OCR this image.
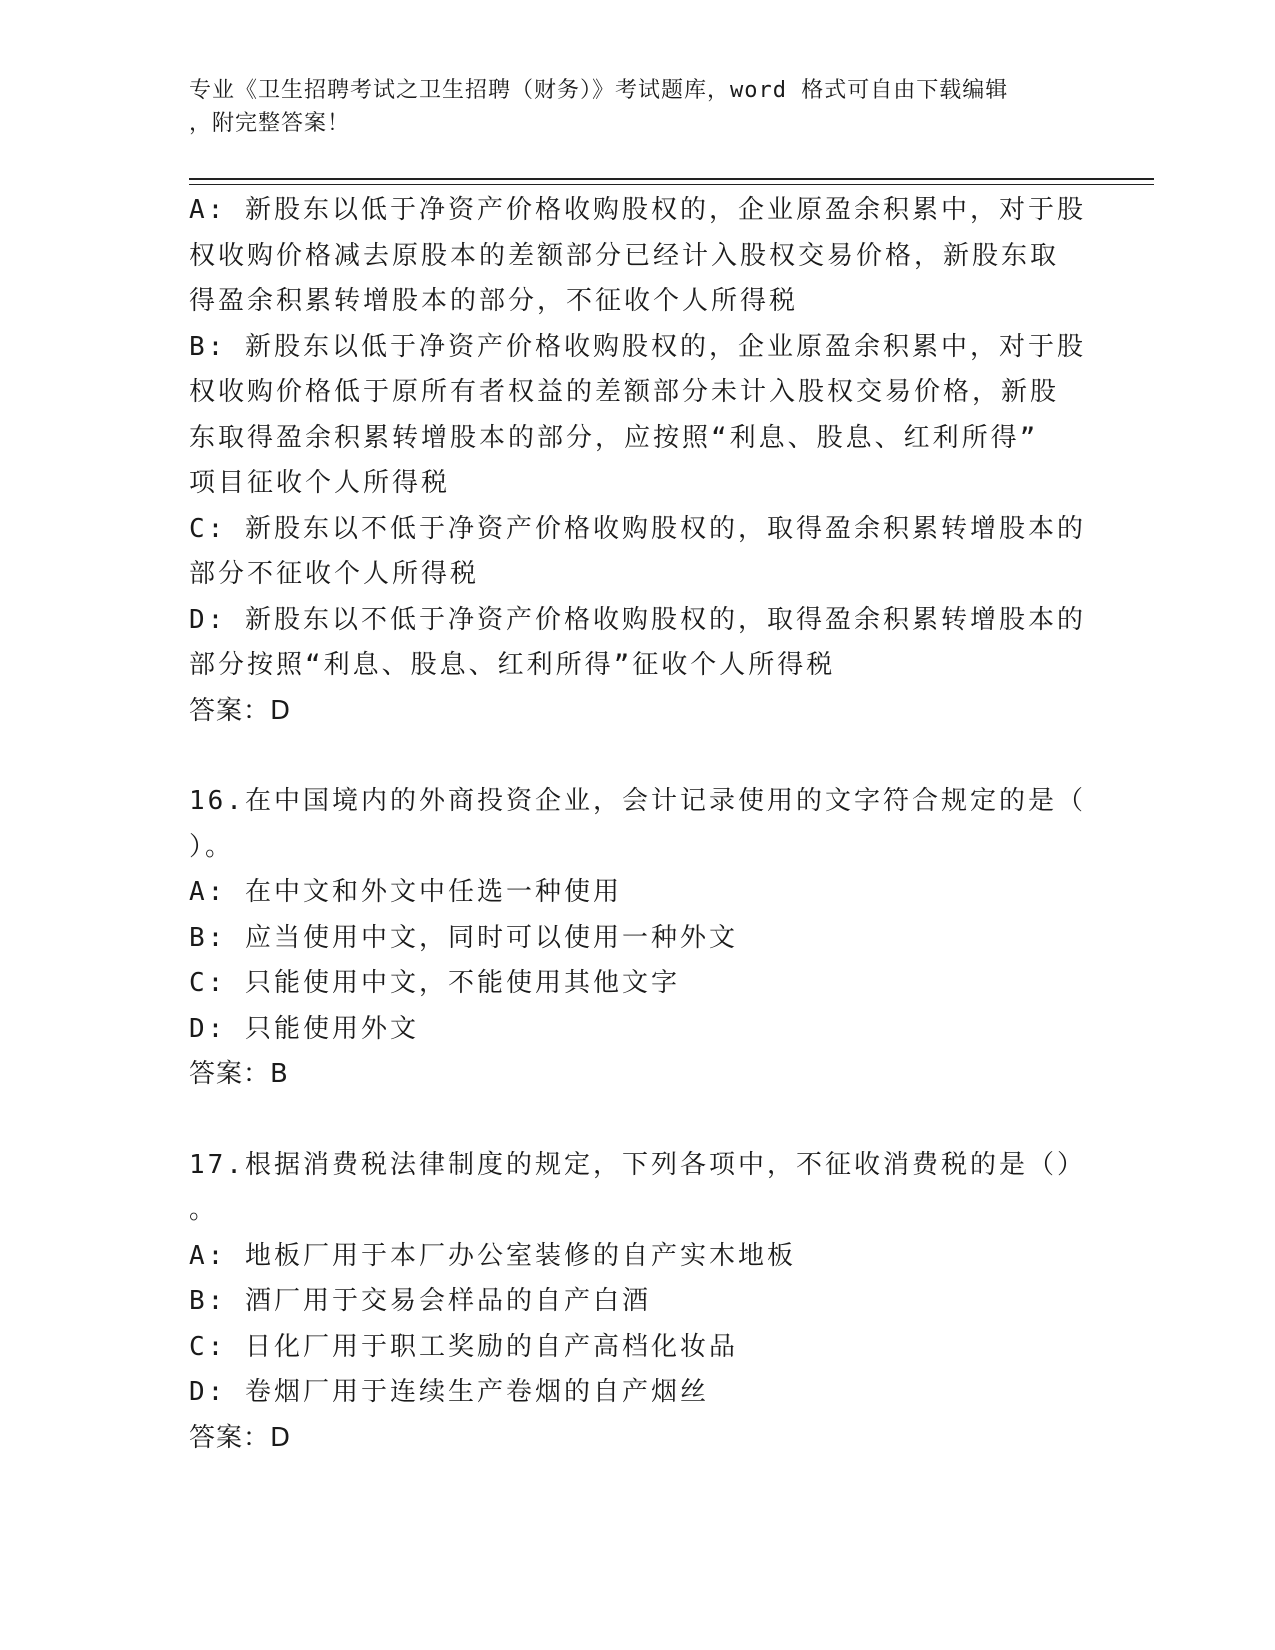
专业《卫生招聘考试之卫生招聘（财务）》考试题库，word 格式可自由下载编辑
，附完整答案！
A: 新股东以低于净资产价格收购股权的，企业原盈余积累中，对于股
权收购价格减去原股本的差额部分已经计入股权交易价格，新股东取
得盈余积累转增股本的部分，不征收个人所得税
B: 新股东以低于净资产价格收购股权的，企业原盈余积累中，对于股
权收购价格低于原所有者权益的差额部分未计入股权交易价格，新股
东取得盈余积累转增股本的部分，应按照“利息、股息、红利所得”
项目征收个人所得税
C: 新股东以不低于净资产价格收购股权的，取得盈余积累转增股本的
部分不征收个人所得税
D: 新股东以不低于净资产价格收购股权的，取得盈余积累转增股本的
部分按照“利息、股息、红利所得”征收个人所得税
答案：D
16.在中国境内的外商投资企业，会计记录使用的文字符合规定的是（
）。
A: 在中文和外文中任选一种使用
B: 应当使用中文，同时可以使用一种外文
C: 只能使用中文，不能使用其他文字
D: 只能使用外文
答案：B
17.根据消费税法律制度的规定，下列各项中，不征收消费税的是（）
。
A: 地板厂用于本厂办公室装修的自产实木地板
B: 酒厂用于交易会样品的自产白酒
C: 日化厂用于职工奖励的自产高档化妆品
D: 卷烟厂用于连续生产卷烟的自产烟丝
答案：D
